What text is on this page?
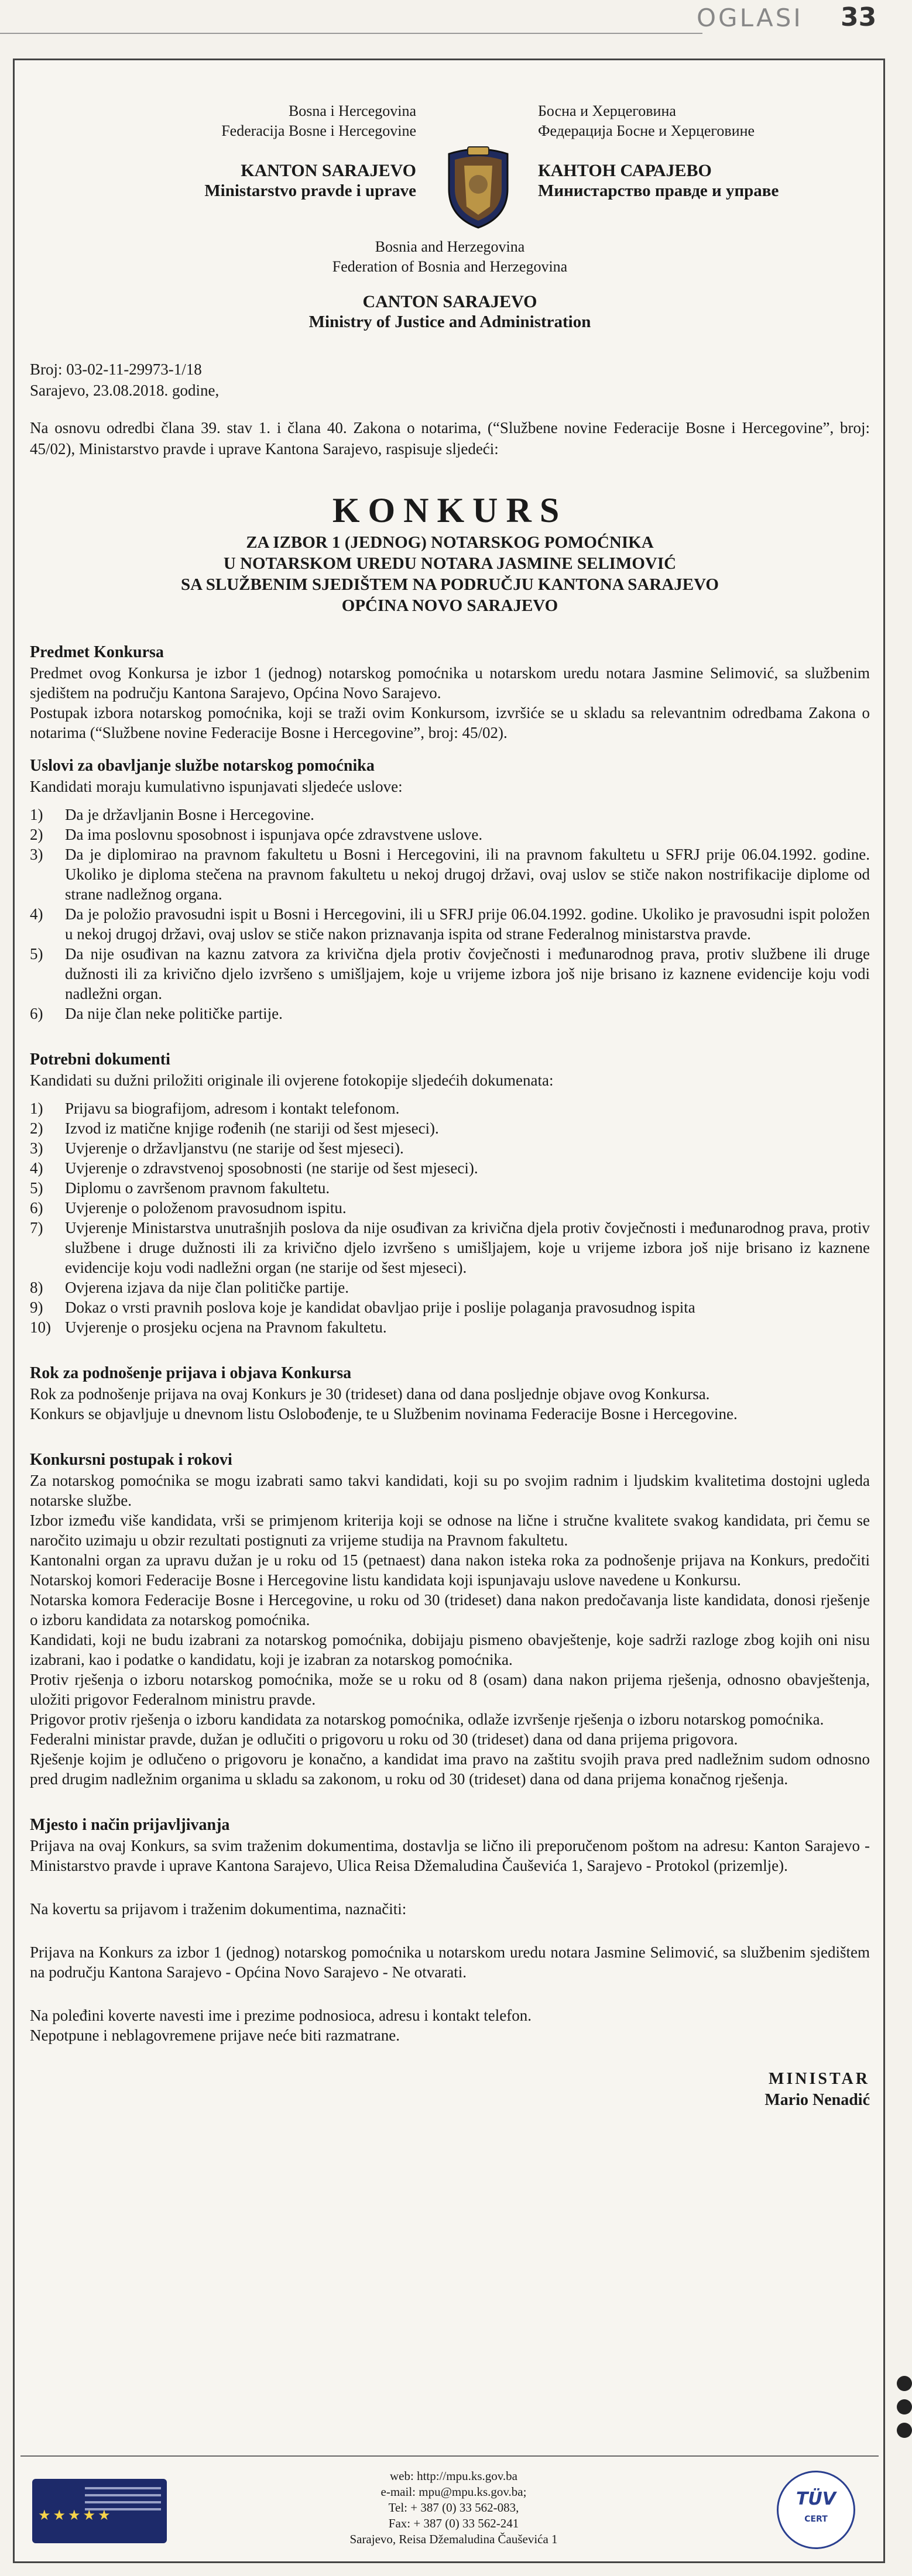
OGLASI 33
Bosna i Hercegovina
Federacija Bosne i Hercegovine
KANTON SARAJEVO
Ministarstvo pravde i uprave
Босна и Херцеговина
Федерација Босне и Херцеговине
КАНТОН САРАЈЕВО
Министарство правде и управе
Bosnia and Herzegovina
Federation of Bosnia and Herzegovina
CANTON SARAJEVO
Ministry of Justice and Administration
Broj: 03-02-11-29973-1/18
Sarajevo, 23.08.2018. godine,
Na osnovu odredbi člana 39. stav 1. i člana 40. Zakona o notarima, (“Službene novine Federacije Bosne i Hercegovine”, broj: 45/02), Ministarstvo pravde i uprave Kantona Sarajevo, raspisuje sljedeći:
KONKURS
ZA IZBOR 1 (JEDNOG) NOTARSKOG POMOĆNIKA
U NOTARSKOM UREDU NOTARA JASMINE SELIMOVIĆ
SA SLUŽBENIM SJEDIŠTEM NA PODRUČJU KANTONA SARAJEVO
OPĆINA NOVO SARAJEVO
Predmet Konkursa
Predmet ovog Konkursa je izbor 1 (jednog) notarskog pomoćnika u notarskom uredu notara Jasmine Selimović, sa službenim sjedištem na području Kantona Sarajevo, Općina Novo Sarajevo.
Postupak izbora notarskog pomoćnika, koji se traži ovim Konkursom, izvršiće se u skladu sa relevantnim odredbama Zakona o notarima (“Službene novine Federacije Bosne i Hercegovine”, broj: 45/02).
Uslovi za obavljanje službe notarskog pomoćnika
Kandidati moraju kumulativno ispunjavati sljedeće uslove:
1)	Da je državljanin Bosne i Hercegovine.
2)	Da ima poslovnu sposobnost i ispunjava opće zdravstvene uslove.
3)	Da je diplomirao na pravnom fakultetu u Bosni i Hercegovini, ili na pravnom fakultetu u SFRJ prije 06.04.1992. godine. Ukoliko je diploma stečena na pravnom fakultetu u nekoj drugoj državi, ovaj uslov se stiče nakon nostrifikacije diplome od strane nadležnog organa.
4)	Da je položio pravosudni ispit u Bosni i Hercegovini, ili u SFRJ prije 06.04.1992. godine. Ukoliko je pravosudni ispit položen u nekoj drugoj državi, ovaj uslov se stiče nakon priznavanja ispita od strane Federalnog ministarstva pravde.
5)	Da nije osuđivan na kaznu zatvora za krivična djela protiv čovječnosti i međunarodnog prava, protiv službene ili druge dužnosti ili za krivično djelo izvršeno s umišljajem, koje u vrijeme izbora još nije brisano iz kaznene evidencije koju vodi nadležni organ.
6)	Da nije član neke političke partije.
Potrebni dokumenti
Kandidati su dužni priložiti originale ili ovjerene fotokopije sljedećih dokumenata:
1)	Prijavu sa biografijom, adresom i kontakt telefonom.
2)	Izvod iz matične knjige rođenih (ne stariji od šest mjeseci).
3)	Uvjerenje o državljanstvu (ne starije od šest mjeseci).
4)	Uvjerenje o zdravstvenoj sposobnosti (ne starije od šest mjeseci).
5)	Diplomu o završenom pravnom fakultetu.
6)	Uvjerenje o položenom pravosudnom ispitu.
7)	Uvjerenje Ministarstva unutrašnjih poslova da nije osuđivan za krivična djela protiv čovječnosti i međunarodnog prava, protiv službene i druge dužnosti ili za krivično djelo izvršeno s umišljajem, koje u vrijeme izbora još nije brisano iz kaznene evidencije koju vodi nadležni organ (ne starije od šest mjeseci).
8)	Ovjerena izjava da nije član političke partije.
9)	Dokaz o vrsti pravnih poslova koje je kandidat obavljao prije i poslije polaganja pravosudnog ispita
10) Uvjerenje o prosjeku ocjena na Pravnom fakultetu.
Rok za podnošenje prijava i objava Konkursa
Rok za podnošenje prijava na ovaj Konkurs je 30 (trideset) dana od dana posljednje objave ovog Konkursa.
Konkurs se objavljuje u dnevnom listu Oslobođenje, te u Službenim novinama Federacije Bosne i Hercegovine.
Konkursni postupak i rokovi
Za notarskog pomoćnika se mogu izabrati samo takvi kandidati, koji su po svojim radnim i ljudskim kvalitetima dostojni ugleda notarske službe.
Izbor između više kandidata, vrši se primjenom kriterija koji se odnose na lične i stručne kvalitete svakog kandidata, pri čemu se naročito uzimaju u obzir rezultati postignuti za vrijeme studija na Pravnom fakultetu.
Kantonalni organ za upravu dužan je u roku od 15 (petnaest) dana nakon isteka roka za podnošenje prijava na Konkurs, predočiti Notarskoj komori Federacije Bosne i Hercegovine listu kandidata koji ispunjavaju uslove navedene u Konkursu.
Notarska komora Federacije Bosne i Hercegovine, u roku od 30 (trideset) dana nakon predočavanja liste kandidata, donosi rješenje o izboru kandidata za notarskog pomoćnika.
Kandidati, koji ne budu izabrani za notarskog pomoćnika, dobijaju pismeno obavještenje, koje sadrži razloge zbog kojih oni nisu izabrani, kao i podatke o kandidatu, koji je izabran za notarskog pomoćnika.
Protiv rješenja o izboru notarskog pomoćnika, može se u roku od 8 (osam) dana nakon prijema rješenja, odnosno obavještenja, uložiti prigovor Federalnom ministru pravde.
Prigovor protiv rješenja o izboru kandidata za notarskog pomoćnika, odlaže izvršenje rješenja o izboru notarskog pomoćnika.
Federalni ministar pravde, dužan je odlučiti o prigovoru u roku od 30 (trideset) dana od dana prijema prigovora.
Rješenje kojim je odlučeno o prigovoru je konačno, a kandidat ima pravo na zaštitu svojih prava pred nadležnim sudom odnosno pred drugim nadležnim organima u skladu sa zakonom, u roku od 30 (trideset) dana od dana prijema konačnog rješenja.
Mjesto i način prijavljivanja
Prijava na ovaj Konkurs, sa svim traženim dokumentima, dostavlja se lično ili preporučenom poštom na adresu: Kanton Sarajevo - Ministarstvo pravde i uprave Kantona Sarajevo, Ulica Reisa Džemaludina Čauševića 1, Sarajevo - Protokol (prizemlje).
Na kovertu sa prijavom i traženim dokumentima, naznačiti:
Prijava na Konkurs za izbor 1 (jednog) notarskog pomoćnika u notarskom uredu notara Jasmine Selimović, sa službenim sjedištem na području Kantona Sarajevo - Općina Novo Sarajevo - Ne otvarati.
Na poleđini koverte navesti ime i prezime podnosioca, adresu i kontakt telefon.
Nepotpune i neblagovremene prijave neće biti razmatrane.
MINISTAR
Mario Nenadić
★★★★★
web: http://mpu.ks.gov.ba
e-mail: mpu@mpu.ks.gov.ba;
Tel: + 387 (0) 33 562-083,
Fax: + 387 (0) 33 562-241
Sarajevo, Reisa Džemaludina Čauševića 1
TÜV
CERT
